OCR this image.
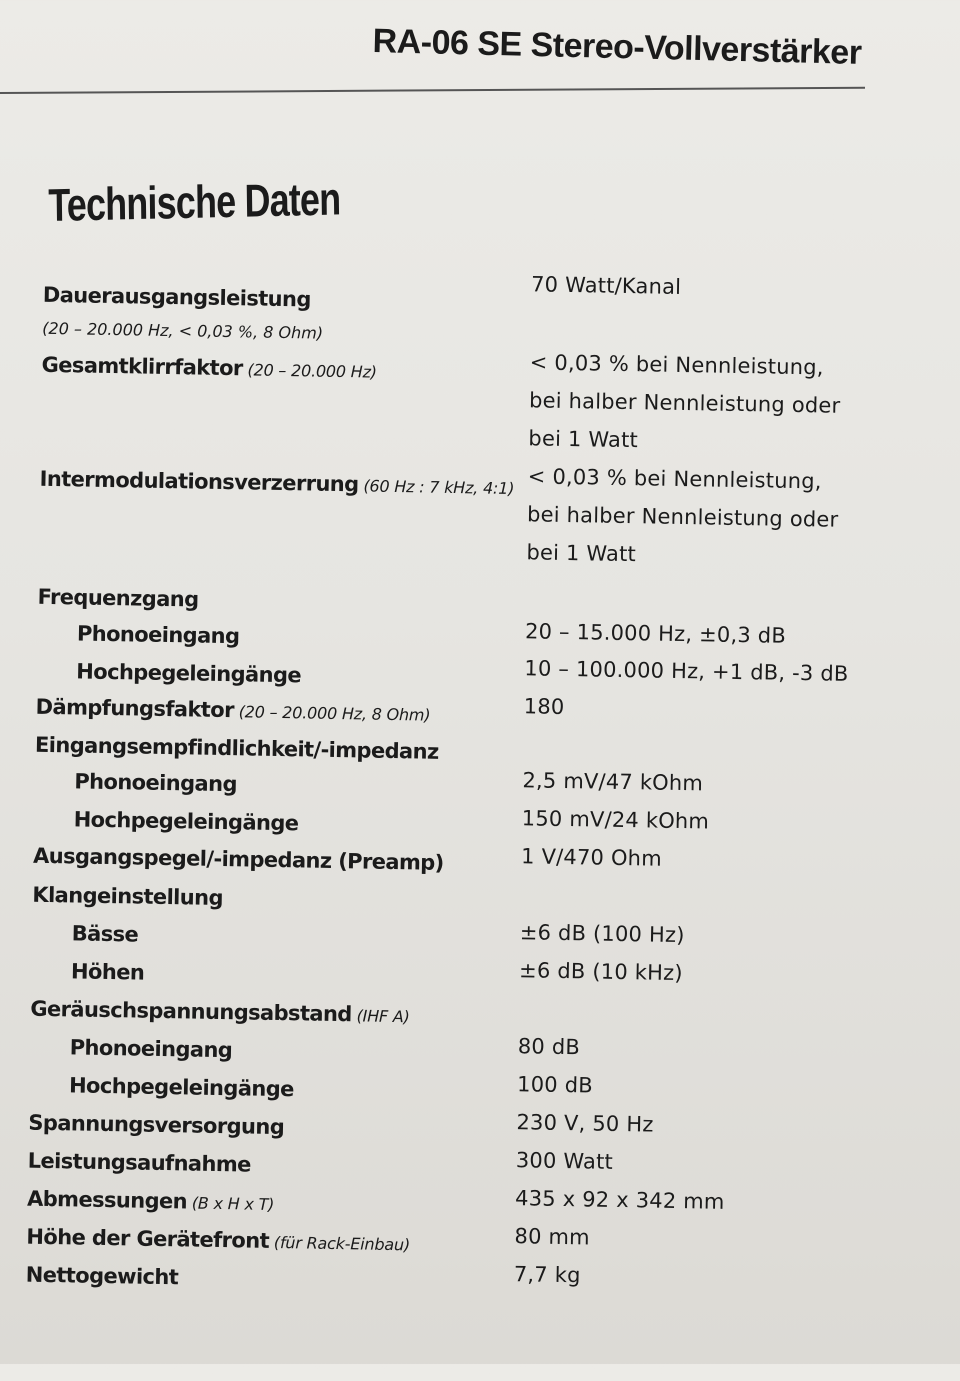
RA-06 SE Stereo-Vollverstärker
Technische Daten
Dauerausgangsleistung	70 Watt/Kanal
(20 – 20.000 Hz, < 0,03 %, 8 Ohm)
Gesamtklirrfaktor (20 – 20.000 Hz)	< 0,03 % bei Nennleistung,
bei halber Nennleistung oder
bei 1 Watt
Intermodulationsverzerrung (60 Hz : 7 kHz, 4:1) < 0,03 % bei Nennleistung,
bei halber Nennleistung oder
bei 1 Watt
Frequenzgang
Phonoeingang	20 – 15.000 Hz, ±0,3 dB
Hochpegeleingänge	10 – 100.000 Hz, +1 dB, -3 dB
Dämpfungsfaktor (20 – 20.000 Hz, 8 Ohm)	180
Eingangsempfindlichkeit/-impedanz
Phonoeingang	2,5 mV/47 kOhm
Hochpegeleingänge	150 mV/24 kOhm
Ausgangspegel/-impedanz (Preamp)	1 V/470 Ohm
Klangeinstellung
Bässe	±6 dB (100 Hz)
Höhen	±6 dB (10 kHz)
Geräuschspannungsabstand (IHF A)
Phonoeingang	80 dB
Hochpegeleingänge	100 dB
Spannungsversorgung	230 V, 50 Hz
Leistungsaufnahme	300 Watt
Abmessungen (B x H x T)	435 x 92 x 342 mm
Höhe der Gerätefront (für Rack-Einbau)	80 mm
Nettogewicht	7,7 kg
